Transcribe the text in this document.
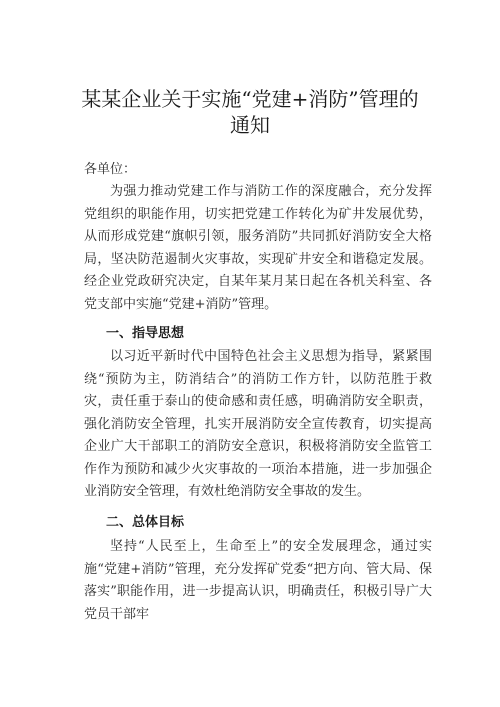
某某企业关于实施“党建+消防”管理的
通知
各单位：
为强力推动党建工作与消防工作的深度融合，充分发挥党组织的职能作用，切实把党建工作转化为矿井发展优势，从而形成党建“旗帜引领，服务消防”共同抓好消防安全大格局，坚决防范遏制火灾事故，实现矿井安全和谐稳定发展。经企业党政研究决定，自某年某月某日起在各机关科室、各党支部中实施“党建+消防”管理。
一、指导思想
以习近平新时代中国特色社会主义思想为指导，紧紧围绕“预防为主，防消结合”的消防工作方针，以防范胜于救灾，责任重于泰山的使命感和责任感，明确消防安全职责，强化消防安全管理，扎实开展消防安全宣传教育，切实提高企业广大干部职工的消防安全意识，积极将消防安全监管工作作为预防和减少火灾事故的一项治本措施，进一步加强企业消防安全管理，有效杜绝消防安全事故的发生。
二、总体目标
坚持“人民至上，生命至上”的安全发展理念，通过实施“党建+消防”管理，充分发挥矿党委“把方向、管大局、保落实”职能作用，进一步提高认识，明确责任，积极引导广大党员干部牢
